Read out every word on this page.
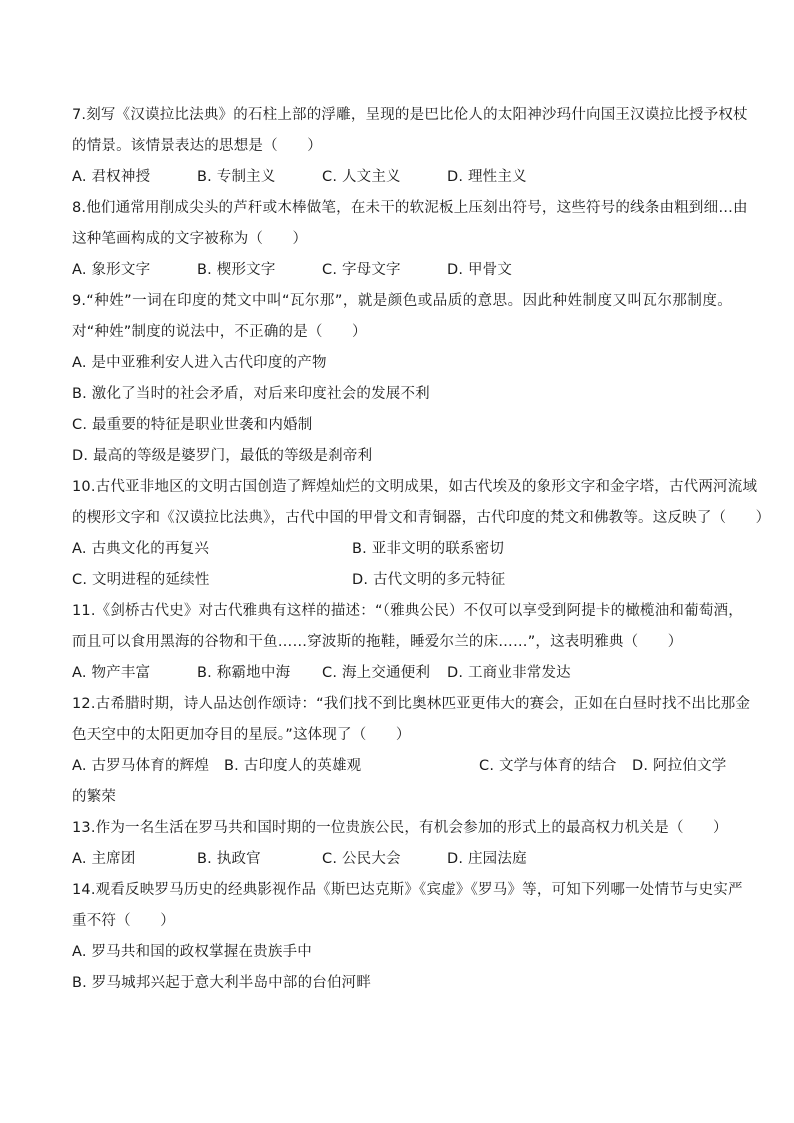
7.刻写《汉谟拉比法典》的石柱上部的浮雕，呈现的是巴比伦人的太阳神沙玛什向国王汉谟拉比授予权杖
的情景。该情景表达的思想是（　　）
A. 君权神授	B. 专制主义	C. 人文主义	D. 理性主义
8.他们通常用削成尖头的芦秆或木棒做笔，在未干的软泥板上压刻出符号，这些符号的线条由粗到细…由
这种笔画构成的文字被称为（　　）
A. 象形文字	B. 楔形文字	C. 字母文字	D. 甲骨文
9.“种姓”一词在印度的梵文中叫“瓦尔那”，就是颜色或品质的意思。因此种姓制度又叫瓦尔那制度。
对“种姓”制度的说法中，不正确的是（　　）
A. 是中亚雅利安人进入古代印度的产物
B. 激化了当时的社会矛盾，对后来印度社会的发展不利
C. 最重要的特征是职业世袭和内婚制
D. 最高的等级是婆罗门，最低的等级是刹帝利
10.古代亚非地区的文明古国创造了辉煌灿烂的文明成果，如古代埃及的象形文字和金字塔，古代两河流域
的楔形文字和《汉谟拉比法典》，古代中国的甲骨文和青铜器，古代印度的梵文和佛教等。这反映了（　　）
A. 古典文化的再复兴	B. 亚非文明的联系密切
C. 文明进程的延续性	D. 古代文明的多元特征
11.《剑桥古代史》对古代雅典有这样的描述：“（雅典公民）不仅可以享受到阿提卡的橄榄油和葡萄酒，
而且可以食用黑海的谷物和干鱼……穿波斯的拖鞋，睡爱尔兰的床……”，这表明雅典（　　）
A. 物产丰富	B. 称霸地中海	C. 海上交通便利	D. 工商业非常发达
12.古希腊时期，诗人品达创作颂诗：“我们找不到比奥林匹亚更伟大的赛会，正如在白昼时找不出比那金
色天空中的太阳更加夺目的星辰。”这体现了（　　）
A. 古罗马体育的辉煌	B. 古印度人的英雄观	C. 文学与体育的结合	D. 阿拉伯文学
的繁荣
13.作为一名生活在罗马共和国时期的一位贵族公民，有机会参加的形式上的最高权力机关是（　　）
A. 主席团	B. 执政官	C. 公民大会	D. 庄园法庭
14.观看反映罗马历史的经典影视作品《斯巴达克斯》《宾虚》《罗马》等，可知下列哪一处情节与史实严
重不符（　　）
A. 罗马共和国的政权掌握在贵族手中
B. 罗马城邦兴起于意大利半岛中部的台伯河畔
